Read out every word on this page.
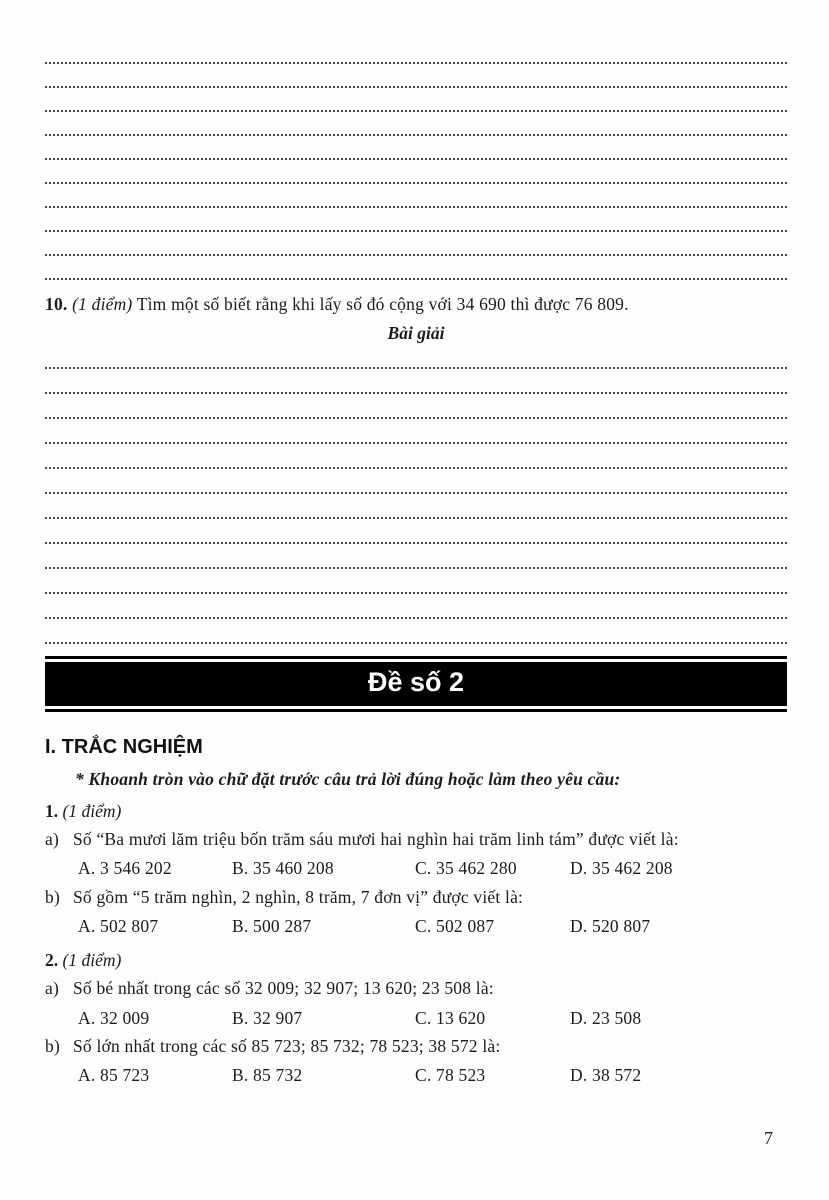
10. (1 điểm) Tìm một số biết rằng khi lấy số đó cộng với 34 690 thì được 76 809.

Bài giải

Đề số 2
I. TRẮC NGHIỆM

* Khoanh tròn vào chữ đặt trước câu trả lời đúng hoặc làm theo yêu cầu:

1. (1 điểm)

a) Số “Ba mươi lăm triệu bốn trăm sáu mươi hai nghìn hai trăm linh tám” được viết là:
A. 3 546 202	B. 35 460 208	C. 35 462 280	D. 35 462 208
b) Số gồm “5 trăm nghìn, 2 nghìn, 8 trăm, 7 đơn vị” được viết là:
A. 502 807	B. 500 287	C. 502 087	D. 520 807

2. (1 điểm)

a) Số bé nhất trong các số 32 009; 32 907; 13 620; 23 508 là:
A. 32 009	B. 32 907	C. 13 620	D. 23 508
b) Số lớn nhất trong các số 85 723; 85 732; 78 523; 38 572 là:
A. 85 723	B. 85 732	C. 78 523	D. 38 572
7
